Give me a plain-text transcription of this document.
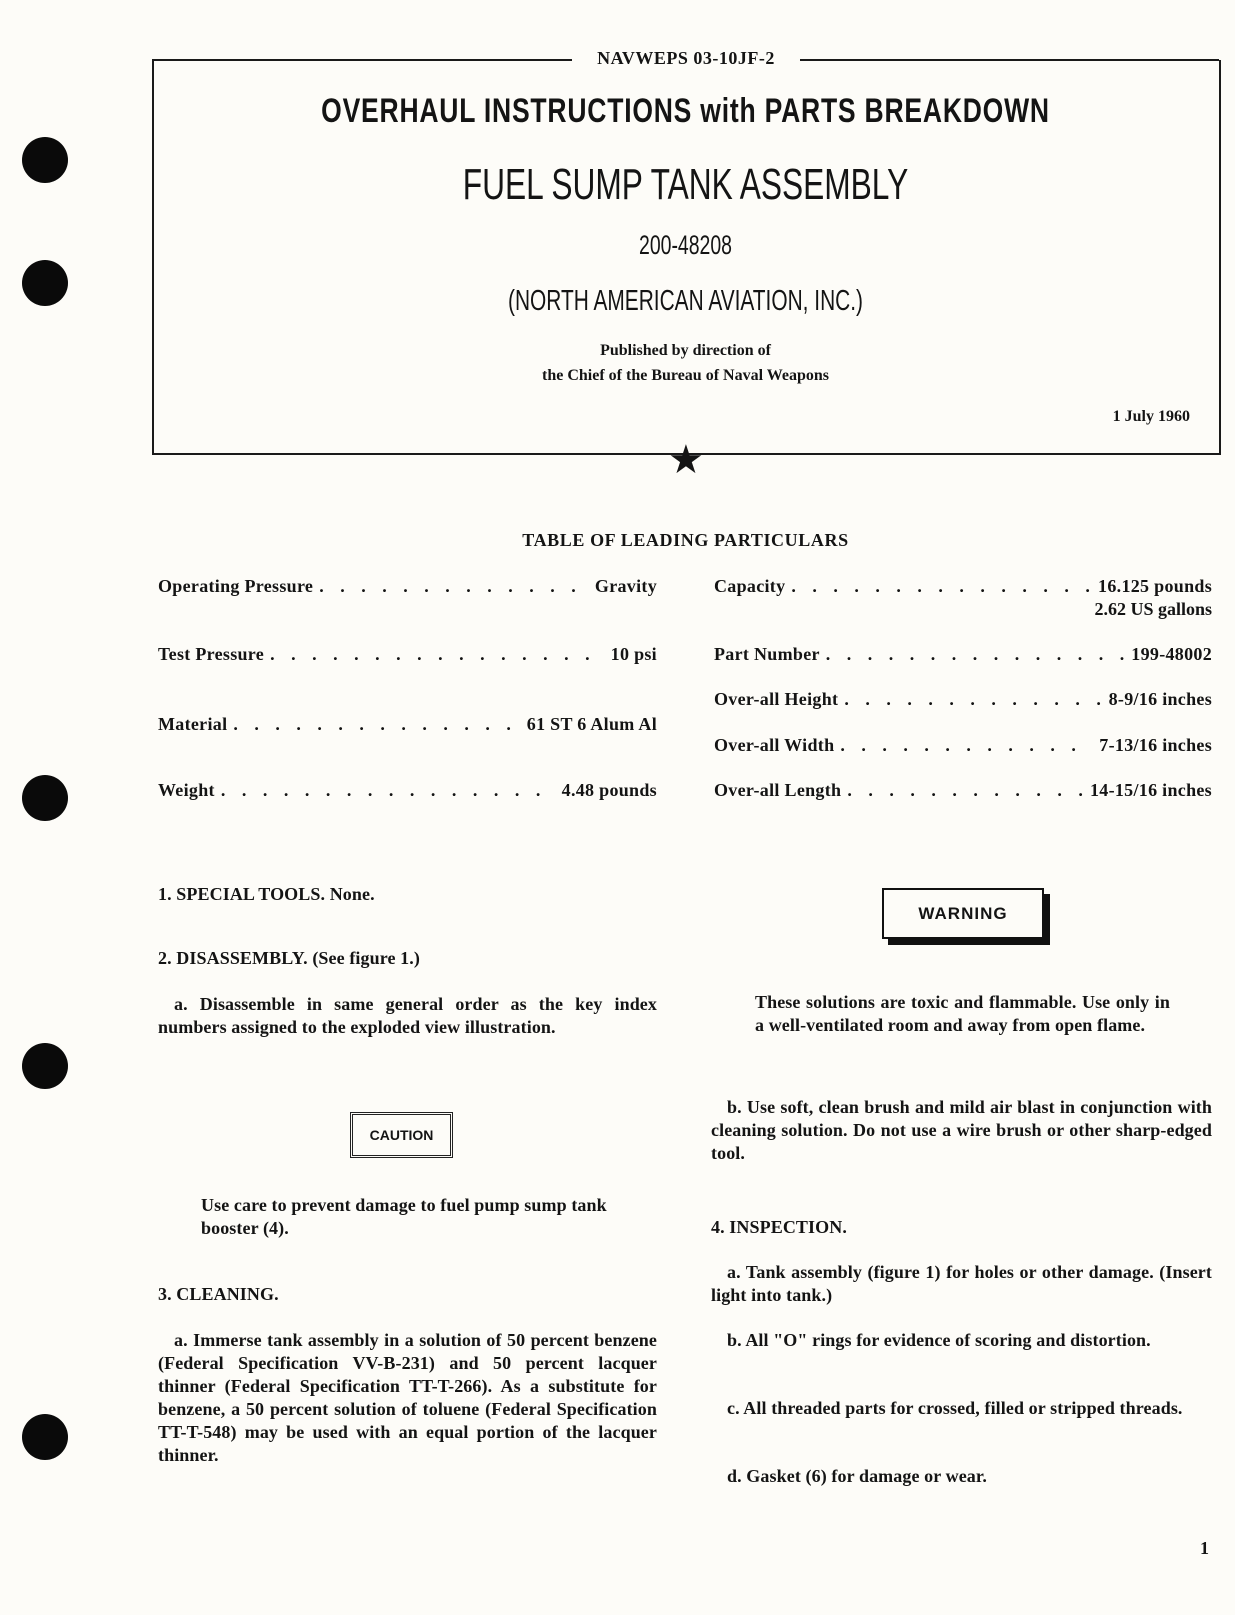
NAVWEPS 03-10JF-2
OVERHAUL INSTRUCTIONS with PARTS BREAKDOWN
FUEL SUMP TANK ASSEMBLY
200-48208
(NORTH AMERICAN AVIATION, INC.)
Published by direction of
the Chief of the Bureau of Naval Weapons
1 July 1960
★
TABLE OF LEADING PARTICULARS
Operating Pressure . . .	Gravity
Test Pressure . . .	10 psi
Material . . .	61 ST 6 Alum Al
Weight . . .	4.48 pounds
Capacity . . .	16.125 pounds
2.62 US gallons
Part Number . . .	199-48002
Over-all Height . . .	8-9/16 inches
Over-all Width . . .	7-13/16 inches
Over-all Length . . .	14-15/16 inches
1. SPECIAL TOOLS. None.
2. DISASSEMBLY. (See figure 1.)
a. Disassemble in same general order as the key index numbers assigned to the exploded view illustration.
CAUTION
Use care to prevent damage to fuel pump sump tank booster (4).
3. CLEANING.
a. Immerse tank assembly in a solution of 50 percent benzene (Federal Specification VV-B-231) and 50 percent lacquer thinner (Federal Specification TT-T-266). As a substitute for benzene, a 50 percent solution of toluene (Federal Specification TT-T-548) may be used with an equal portion of the lacquer thinner.
WARNING
These solutions are toxic and flammable. Use only in a well-ventilated room and away from open flame.
b. Use soft, clean brush and mild air blast in conjunction with cleaning solution. Do not use a wire brush or other sharp-edged tool.
4. INSPECTION.
a. Tank assembly (figure 1) for holes or other damage. (Insert light into tank.)
b. All "O" rings for evidence of scoring and distortion.
c. All threaded parts for crossed, filled or stripped threads.
d. Gasket (6) for damage or wear.
1
